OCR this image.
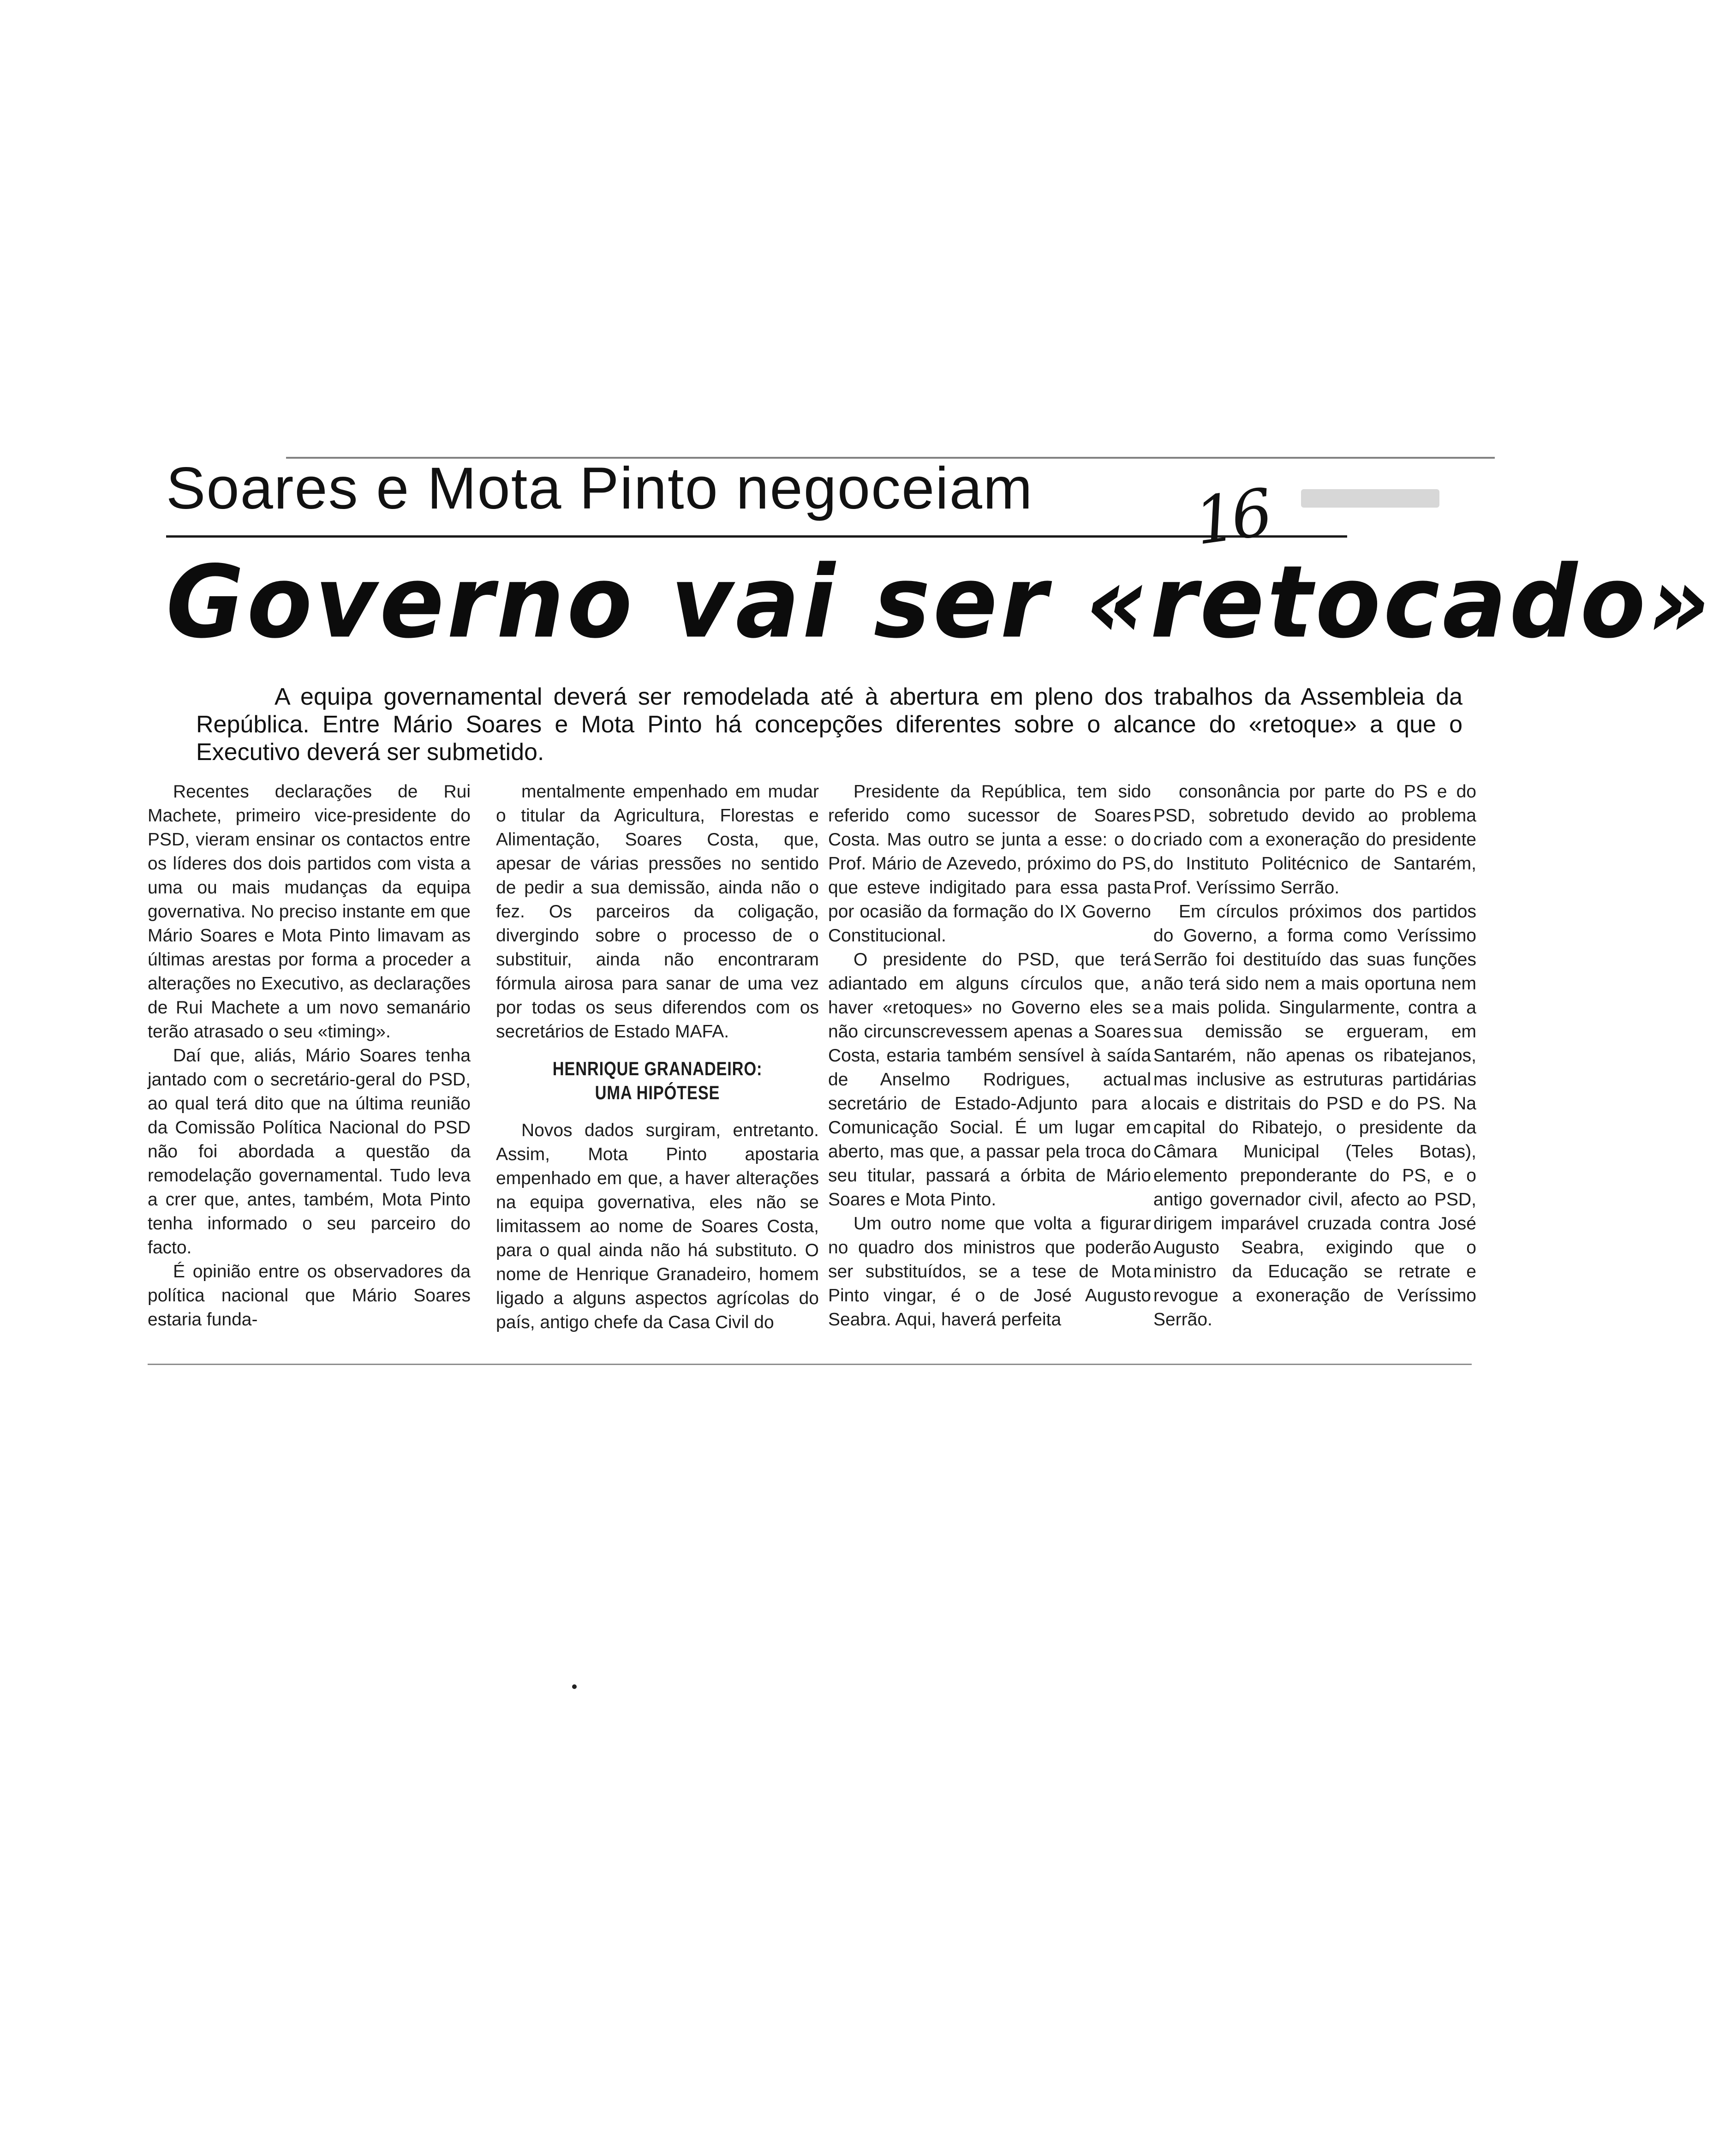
Soares e Mota Pinto negoceiam	16
Governo vai ser «retocado»
A equipa governamental deverá ser remodelada até à abertura em pleno dos trabalhos da Assembleia da República. Entre Mário Soares e Mota Pinto há concepções diferentes sobre o alcance do «retoque» a que o Executivo deverá ser submetido.

Recentes declarações de Rui Machete, primeiro vice-presidente do PSD, vieram ensinar os contactos entre os líderes dos dois partidos com vista a uma ou mais mudanças da equipa governativa. No preciso instante em que Mário Soares e Mota Pinto limavam as últimas arestas por forma a proceder a alterações no Executivo, as declarações de Rui Machete a um novo semanário terão atrasado o seu «timing».

Daí que, aliás, Mário Soares tenha jantado com o secretário-geral do PSD, ao qual terá dito que na última reunião da Comissão Política Nacional do PSD não foi abordada a questão da remodelação governamental. Tudo leva a crer que, antes, também, Mota Pinto tenha informado o seu parceiro do facto.

É opinião entre os observadores da política nacional que Mário Soares estaria funda-

mentalmente empenhado em mudar o titular da Agricultura, Florestas e Alimentação, Soares Costa, que, apesar de várias pressões no sentido de pedir a sua demissão, ainda não o fez. Os parceiros da coligação, divergindo sobre o processo de o substituir, ainda não encontraram fórmula airosa para sanar de uma vez por todas os seus diferendos com os secretários de Estado MAFA.

HENRIQUE GRANADEIRO:
UMA HIPÓTESE

Novos dados surgiram, entretanto. Assim, Mota Pinto apostaria empenhado em que, a haver alterações na equipa governativa, eles não se limitassem ao nome de Soares Costa, para o qual ainda não há substituto. O nome de Henrique Granadeiro, homem ligado a alguns aspectos agrícolas do país, antigo chefe da Casa Civil do

Presidente da República, tem sido referido como sucessor de Soares Costa. Mas outro se junta a esse: o do Prof. Mário de Azevedo, próximo do PS, que esteve indigitado para essa pasta por ocasião da formação do IX Governo Constitucional.

O presidente do PSD, que terá adiantado em alguns círculos que, a haver «retoques» no Governo eles se não circunscrevessem apenas a Soares Costa, estaria também sensível à saída de Anselmo Rodrigues, actual secretário de Estado-Adjunto para a Comunicação Social. É um lugar em aberto, mas que, a passar pela troca do seu titular, passará a órbita de Mário Soares e Mota Pinto.

Um outro nome que volta a figurar no quadro dos ministros que poderão ser substituídos, se a tese de Mota Pinto vingar, é o de José Augusto Seabra. Aqui, haverá perfeita

consonância por parte do PS e do PSD, sobretudo devido ao problema criado com a exoneração do presidente do Instituto Politécnico de Santarém, Prof. Veríssimo Serrão.

Em círculos próximos dos partidos do Governo, a forma como Veríssimo Serrão foi destituído das suas funções não terá sido nem a mais oportuna nem a mais polida. Singularmente, contra a sua demissão se ergueram, em Santarém, não apenas os ribatejanos, mas inclusive as estruturas partidárias locais e distritais do PSD e do PS. Na capital do Ribatejo, o presidente da Câmara Municipal (Teles Botas), elemento preponderante do PS, e o antigo governador civil, afecto ao PSD, dirigem imparável cruzada contra José Augusto Seabra, exigindo que o ministro da Educação se retrate e revogue a exoneração de Veríssimo Serrão.
